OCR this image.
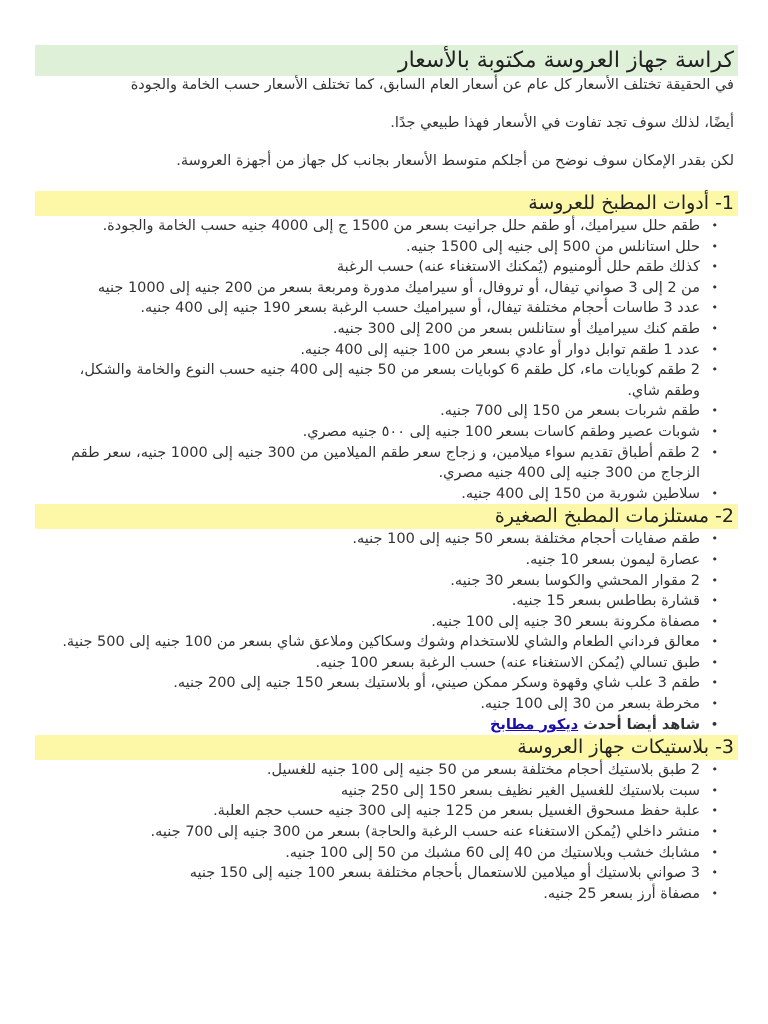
كراسة جهاز العروسة مكتوبة بالأسعار

في الحقيقة تختلف الأسعار كل عام عن أسعار العام السابق، كما تختلف الأسعار حسب الخامة والجودة

أيضًا، لذلك سوف تجد تفاوت في الأسعار فهذا طبيعي جدًا.

لكن بقدر الإمكان سوف نوضح من أجلكم متوسط الأسعار بجانب كل جهاز من أجهزة العروسة.

1- أدوات المطبخ للعروسة
• طقم حلل سيراميك، أو طقم حلل جرانيت بسعر من 1500 ج إلى 4000 جنيه حسب الخامة والجودة.
• حلل استانلس من 500 إلى جنيه إلى 1500 جنيه.
• كذلك طقم حلل ألومنيوم (يُمكنك الاستغناء عنه) حسب الرغبة
• من 2 إلى 3 صواني تيفال، أو تروفال، أو سيراميك مدورة ومربعة بسعر من 200 جنيه إلى 1000 جنيه
• عدد 3 طاسات أحجام مختلفة تيفال، أو سيراميك حسب الرغبة بسعر 190 جنيه إلى 400 جنيه.
• طقم كنك سيراميك أو ستانلس بسعر من 200 إلى 300 جنيه.
• عدد 1 طقم توابل دوار أو عادي بسعر من 100 جنيه إلى 400 جنيه.
• 2 طقم كوبايات ماء، كل طقم 6 كوبايات بسعر من 50 جنيه إلى 400 جنيه حسب النوع والخامة والشكل، وطقم شاي.
• طقم شربات بسعر من 150 إلى 700 جنيه.
• شوبات عصير وطقم كاسات بسعر 100 جنيه إلى ٥٠٠ جنيه مصري.
• 2 طقم أطباق تقديم سواء ميلامين، و زجاج سعر طقم الميلامين من 300 جنيه إلى 1000 جنيه، سعر طقم الزجاج من 300 جنيه إلى 400 جنيه مصري.
• سلاطين شوربة من 150 إلى 400 جنيه.
2- مستلزمات المطبخ الصغيرة
• طقم صفايات أحجام مختلفة بسعر 50 جنيه إلى 100 جنيه.
• عصارة ليمون بسعر 10 جنيه.
• 2 مقوار المحشي والكوسا بسعر 30 جنيه.
• قشارة بطاطس بسعر 15 جنيه.
• مصفاة مكرونة بسعر 30 جنيه إلى 100 جنيه.
• معالق فرداني الطعام والشاي للاستخدام وشوك وسكاكين وملاعق شاي بسعر من 100 جنيه إلى 500 جنية.
• طبق تسالي (يُمكن الاستغناء عنه) حسب الرغبة بسعر 100 جنيه.
• طقم 3 علب شاي وقهوة وسكر ممكن صيني، أو بلاستيك بسعر 150 جنيه إلى 200 جنيه.
• مخرطة بسعر من 30 إلى 100 جنيه.
• شاهد أيضا أحدث ديكور مطابخ
3- بلاستيكات جهاز العروسة
• 2 طبق بلاستيك أحجام مختلفة بسعر من 50 جنيه إلى 100 جنيه للغسيل.
• سبت بلاستيك للغسيل الغير نظيف بسعر 150 إلى 250 جنيه
• علبة حفظ مسحوق الغسيل بسعر من 125 جنيه إلى 300 جنيه حسب حجم العلبة.
• منشر داخلي (يُمكن الاستغناء عنه حسب الرغبة والحاجة) بسعر من 300 جنيه إلى 700 جنيه.
• مشابك خشب وبلاستيك من 40 إلى 60 مشبك من 50 إلى 100 جنيه.
• 3 صواني بلاستيك أو ميلامين للاستعمال بأحجام مختلفة بسعر 100 جنيه إلى 150 جنيه
• مصفاة أرز بسعر 25 جنيه.
